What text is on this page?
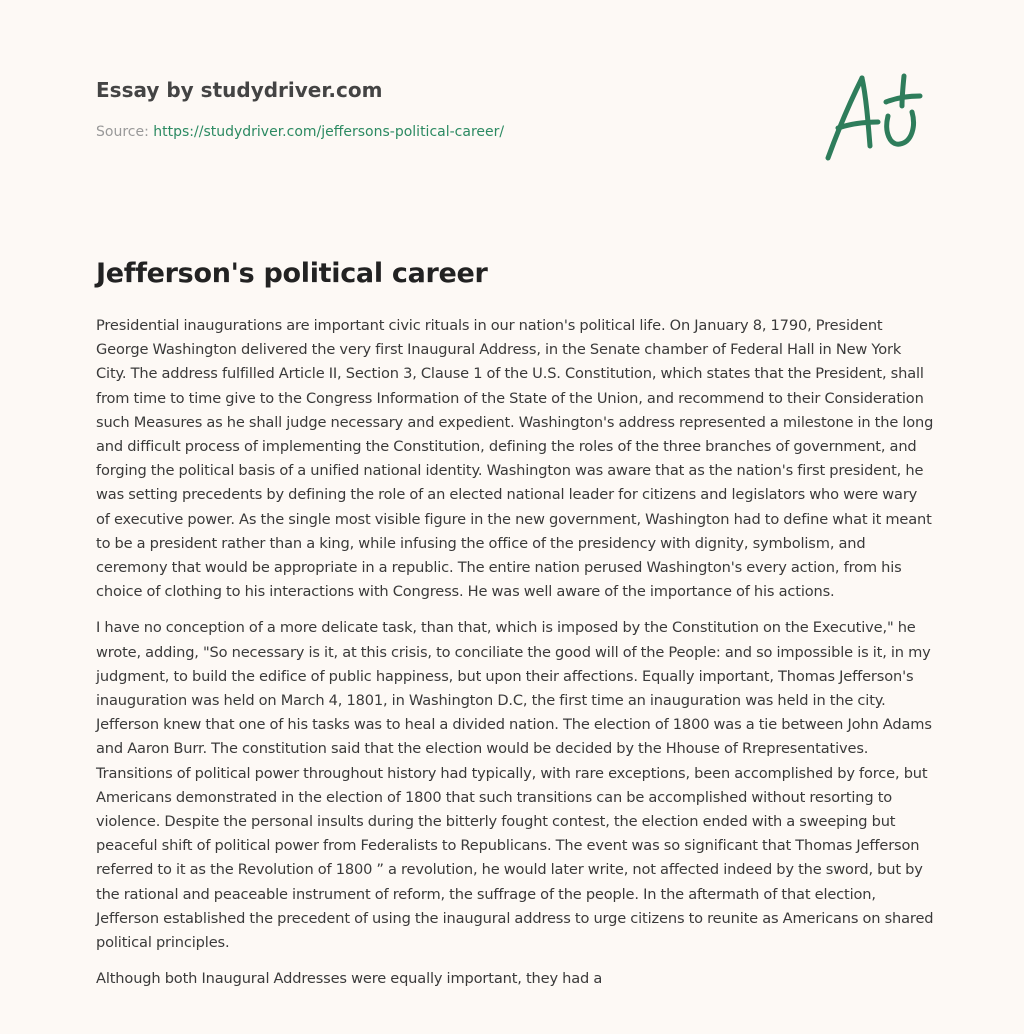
Essay by studydriver.com
Source: https://studydriver.com/jeffersons-political-career/
Jefferson's political career

Presidential inaugurations are important civic rituals in our nation's political life. On January 8, 1790, President George Washington delivered the very first Inaugural Address, in the Senate chamber of Federal Hall in New York City. The address fulfilled Article II, Section 3, Clause 1 of the U.S. Constitution, which states that the President, shall from time to time give to the Congress Information of the State of the Union, and recommend to their Consideration such Measures as he shall judge necessary and expedient. Washington's address represented a milestone in the long and difficult process of implementing the Constitution, defining the roles of the three branches of government, and forging the political basis of a unified national identity. Washington was aware that as the nation's first president, he was setting precedents by defining the role of an elected national leader for citizens and legislators who were wary of executive power. As the single most visible figure in the new government, Washington had to define what it meant to be a president rather than a king, while infusing the office of the presidency with dignity, symbolism, and ceremony that would be appropriate in a republic. The entire nation perused Washington's every action, from his choice of clothing to his interactions with Congress. He was well aware of the importance of his actions.

I have no conception of a more delicate task, than that, which is imposed by the Constitution on the Executive," he wrote, adding, "So necessary is it, at this crisis, to conciliate the good will of the People: and so impossible is it, in my judgment, to build the edifice of public happiness, but upon their affections. Equally important, Thomas Jefferson's inauguration was held on March 4, 1801, in Washington D.C, the first time an inauguration was held in the city. Jefferson knew that one of his tasks was to heal a divided nation. The election of 1800 was a tie between John Adams and Aaron Burr. The constitution said that the election would be decided by the Hhouse of Rrepresentatives. Transitions of political power throughout history had typically, with rare exceptions, been accomplished by force, but Americans demonstrated in the election of 1800 that such transitions can be accomplished without resorting to violence. Despite the personal insults during the bitterly fought contest, the election ended with a sweeping but peaceful shift of political power from Federalists to Republicans. The event was so significant that Thomas Jefferson referred to it as the Revolution of 1800 ” a revolution, he would later write, not affected indeed by the sword, but by the rational and peaceable instrument of reform, the suffrage of the people. In the aftermath of that election, Jefferson established the precedent of using the inaugural address to urge citizens to reunite as Americans on shared political principles.

Although both Inaugural Addresses were equally important, they had a
